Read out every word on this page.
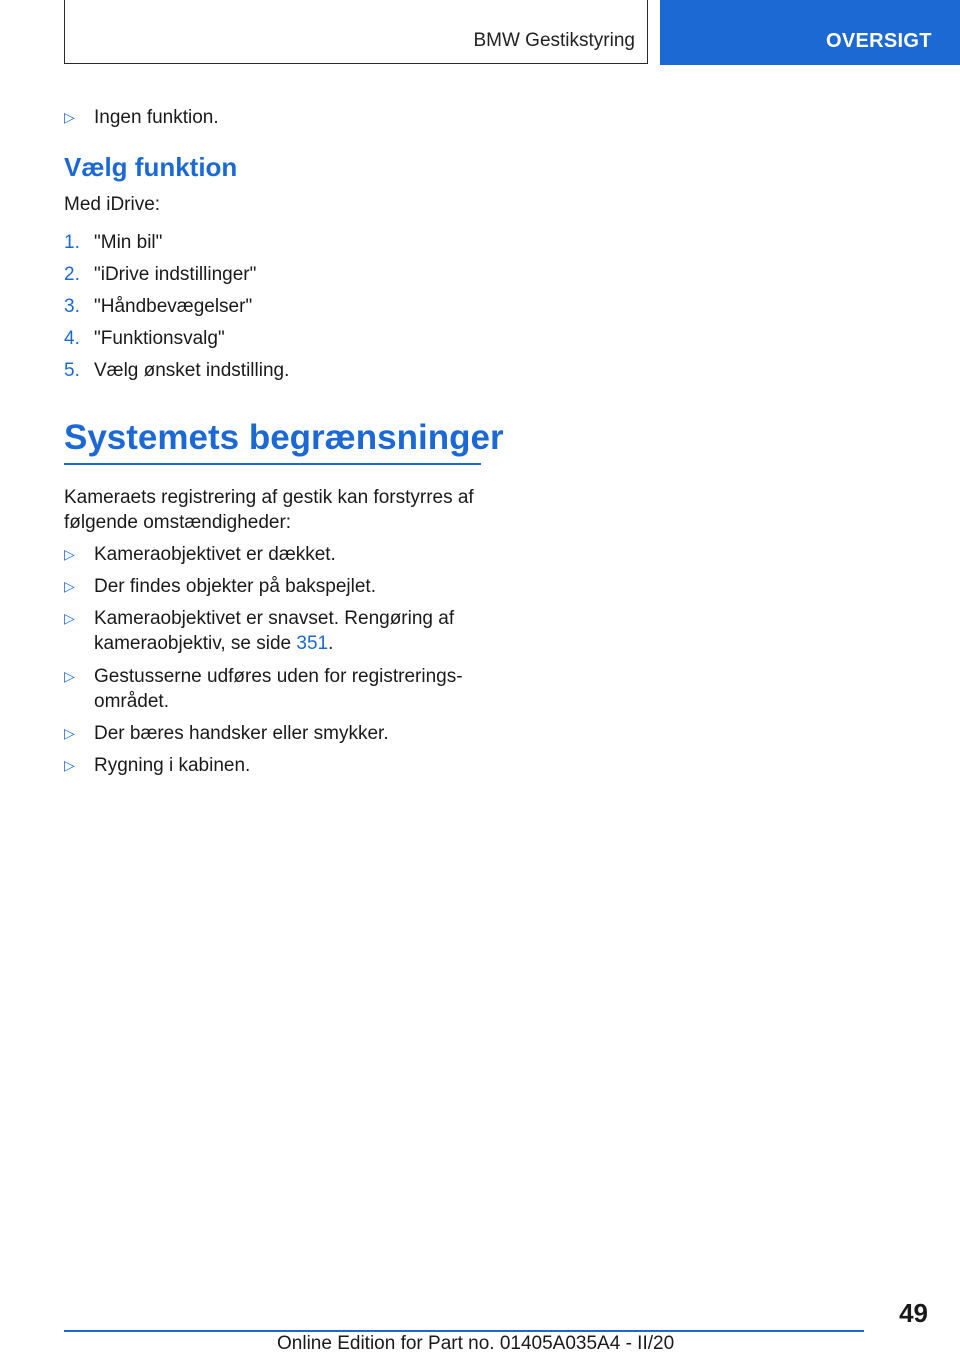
BMW Gestikstyring	OVERSIGT
▷ Ingen funktion.
Vælg funktion
Med iDrive:
1. "Min bil"
2. "iDrive indstillinger"
3. "Håndbevægelser"
4. "Funktionsvalg"
5. Vælg ønsket indstilling.
Systemets begrænsninger
Kameraets registrering af gestik kan forstyrres af
følgende omstændigheder:
▷ Kameraobjektivet er dækket.
▷ Der findes objekter på bakspejlet.
▷ Kameraobjektivet er snavset. Rengøring af
kameraobjektiv, se side 351.
▷ Gestusserne udføres uden for registrerings-
området.
▷ Der bæres handsker eller smykker.
▷ Rygning i kabinen.
49
Online Edition for Part no. 01405A035A4 - II/20
